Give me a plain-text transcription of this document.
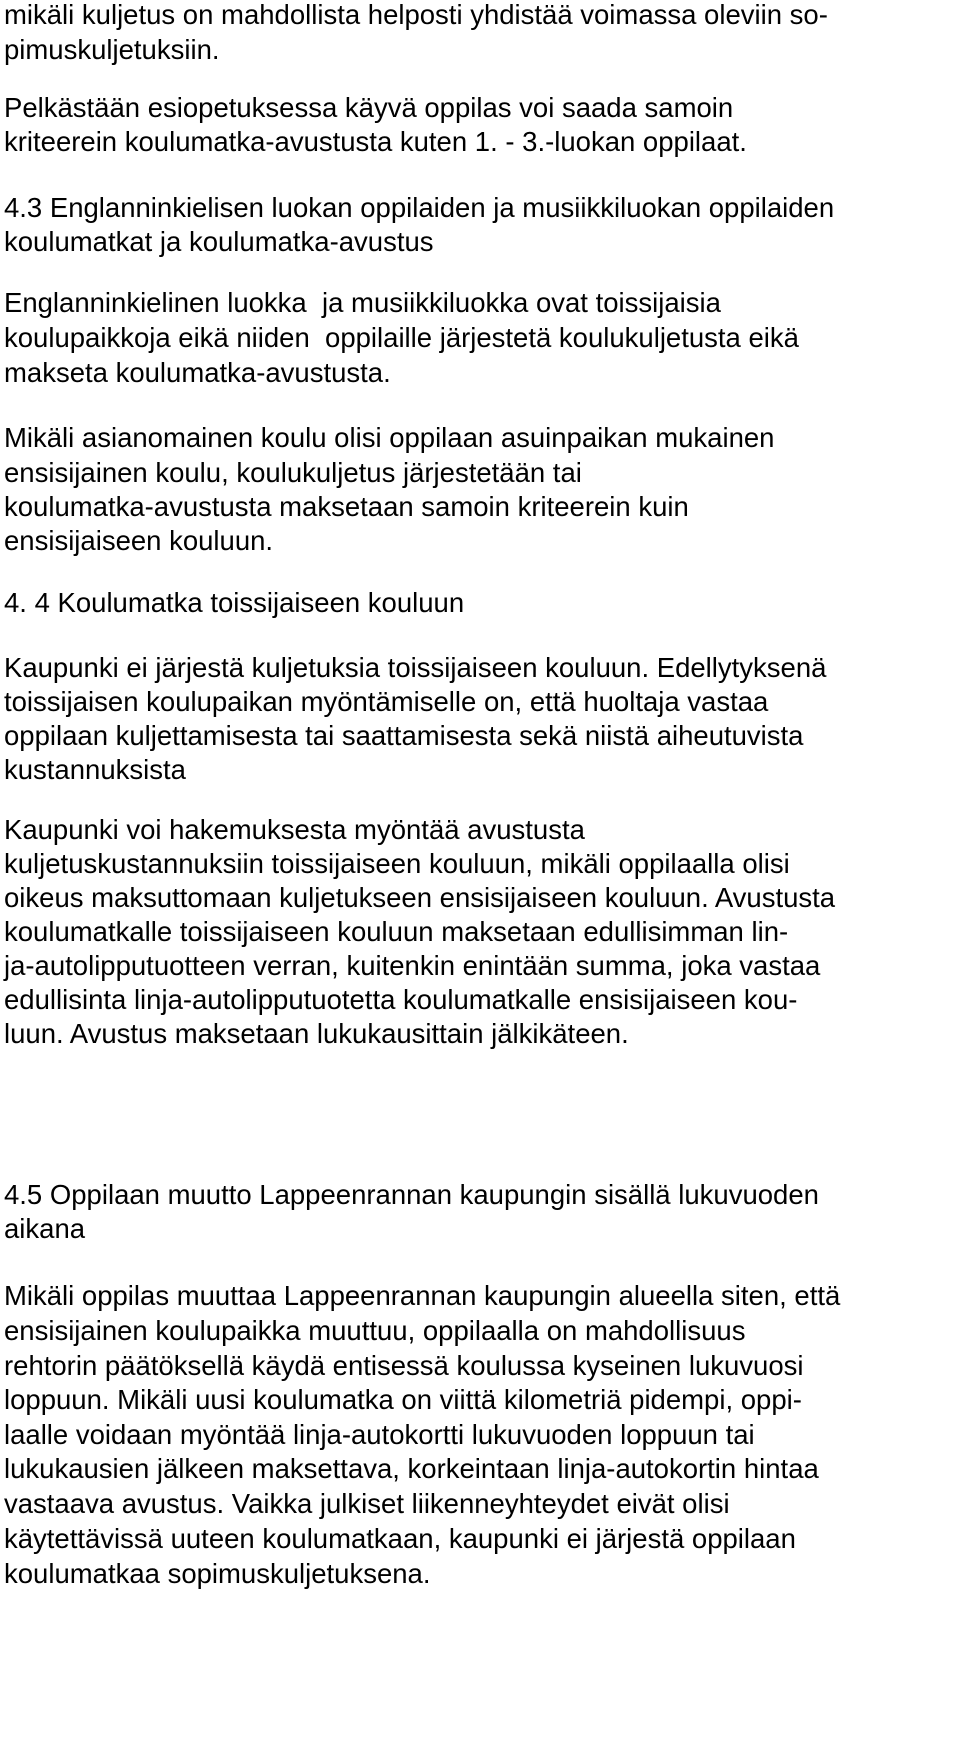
mikäli kuljetus on mahdollista helposti yhdistää voimassa oleviin so-

pimuskuljetuksiin.

Pelkästään esiopetuksessa käyvä oppilas voi saada samoin

kriteerein koulumatka-avustusta kuten 1. - 3.-luokan oppilaat.

4.3 Englanninkielisen luokan oppilaiden ja musiikkiluokan oppilaiden
koulumatkat ja koulumatka-avustus

Englanninkielinen luokka  ja musiikkiluokka ovat toissijaisia

koulupaikkoja eikä niiden  oppilaille järjestetä koulukuljetusta eikä

makseta koulumatka-avustusta.

Mikäli asianomainen koulu olisi oppilaan asuinpaikan mukainen

ensisijainen koulu, koulukuljetus järjestetään tai

koulumatka-avustusta maksetaan samoin kriteerein kuin

ensisijaiseen kouluun.

4. 4 Koulumatka toissijaiseen kouluun

Kaupunki ei järjestä kuljetuksia toissijaiseen kouluun. Edellytyksenä

toissijaisen koulupaikan myöntämiselle on, että huoltaja vastaa

oppilaan kuljettamisesta tai saattamisesta sekä niistä aiheutuvista

kustannuksista

Kaupunki voi hakemuksesta myöntää avustusta

kuljetuskustannuksiin toissijaiseen kouluun, mikäli oppilaalla olisi

oikeus maksuttomaan kuljetukseen ensisijaiseen kouluun. Avustusta

koulumatkalle toissijaiseen kouluun maksetaan edullisimman lin-

ja-autolipputuotteen verran, kuitenkin enintään summa, joka vastaa

edullisinta linja-autolipputuotetta koulumatkalle ensisijaiseen kou-

luun. Avustus maksetaan lukukausittain jälkikäteen.

4.5 Oppilaan muutto Lappeenrannan kaupungin sisällä lukuvuoden
aikana

Mikäli oppilas muuttaa Lappeenrannan kaupungin alueella siten, että

ensisijainen koulupaikka muuttuu, oppilaalla on mahdollisuus

rehtorin päätöksellä käydä entisessä koulussa kyseinen lukuvuosi

loppuun. Mikäli uusi koulumatka on viittä kilometriä pidempi, oppi-

laalle voidaan myöntää linja-autokortti lukuvuoden loppuun tai

lukukausien jälkeen maksettava, korkeintaan linja-autokortin hintaa

vastaava avustus. Vaikka julkiset liikenneyhteydet eivät olisi

käytettävissä uuteen koulumatkaan, kaupunki ei järjestä oppilaan

koulumatkaa sopimuskuljetuksena.
